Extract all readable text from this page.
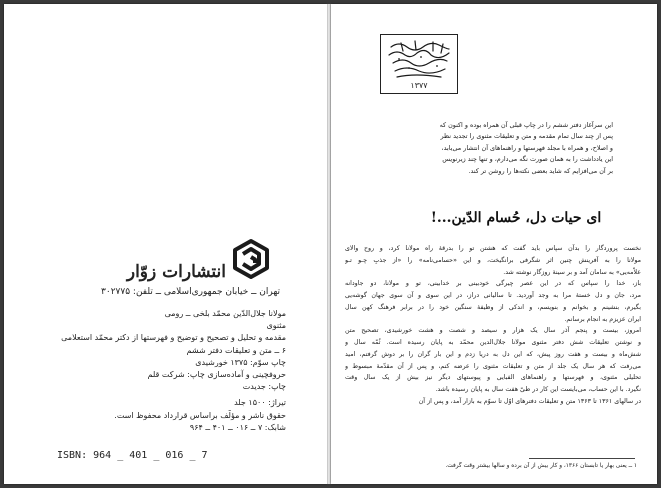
انتشارات زوّار
تهران ــ خیابان جمهوری‌اسلامی ــ تلفن: ۳۰۲۷۷۵
مولانا جلال‌الدّین محمّد بلخی ــ رومی
مثنوی
مقدمه و تحلیل و تصحیح و توضیح و فهرستها از دکتر محمّد استعلامی
۶ ــ متن و تعلیقات دفتر ششم
چاپ سوّم: ۱۳۷۵ خورشیدی
حروفچینی و آماده‌سازی چاپ: شرکت قلم
چاپ: جدیدت
تیراژ: ۱۵۰۰ جلد
حقوق ناشر و مؤلّف براساس قرارداد محفوظ است.
شابک: ۷ ــ ۰۱۶ ــ ۴۰۱ ــ ۹۶۴
ISBN: 964 _ 401 _ 016 _ 7
۱۳۷۷
این سرآغاز دفتر ششم را در چاپ قبلی آن همراه بوده و اکنون که
پس از چند سال تمام مقدمه و متن و تعلیقات مثنوی را تجدید نظر
و اصلاح، و همراه با مجلد فهرستها و راهنماهای آن انتشار می‌یابد،
این یادداشت را به همان صورت نگه می‌دارم، و تنها چند زیرنویس
بر آن می‌افزایم که شاید بعضی نکته‌ها را روشن تر کند.
ای حیات دل، حُسام الدّین...!
نخست پروردگار را بدآن سپاس باید گفت که هشتن تو را بدرقهٔ راه مولانا کرد، و روح والای
مولانا را به آفرینش چنین اثر شگرفی برانگیخت، و این «حسامی‌نامه» را «از جذبِ چـو تـو
علاّمه‌یی» به سامان آمد و بر سینهٔ روزگار نوشته شد.
باز، خدا را سپاس که در این عصر چیرگی خودبینی بر خدابینی، تو و مولانا، دو جاودانه
مرد، جان و دل خستهٔ مرا به وجد آوردید. تا سالیانی دراز، در این سوی و آن سوی جهان گوشه‌یی
بگیرم، بنشینم و بخوانم و بنویسم، و اندکی از وظیفهٔ سنگین خود را در برابر فرهنگ کهن سال
ایران عزیزم به انجام برسانم.
امروز، بیست و پنجم آذر سال یک هزار و سیصد و شصت و هشت خورشیدی، تصحیح متن
و نوشتن تعلیقات شش دفتر مثنوی مولانا جلال‌الدین محمّد به پایان رسیده است. ثُمّه سال و
شش‌ماه و بیست و هفت روز پیش، که این دل به دریا زدم و این بار گران را بر دوش گرفتم، امید
می‌رفت که هر سال یک جلد از متن و تعلیقات مثنوی را عرضه کنم، و پس از آن مقدّمهٔ مبسوط و
تحلیلی مثنوی، و فهرستها و راهنماهای الفبایی و پیوستهای دیگر نیز بیش از یک سال وقت
نگیرد. با این حساب، می‌بایست این کار در طیّ هفت سال به پایان رسیده باشد.
در سالهای ۱۳۶۱ تا ۱۳۶۳ متن و تعلیقات دفترهای اوّل تا سوّم به بازار آمد، و پس از آن
۱ ــ یعنی بهار یا تابستان ۱۳۶۶، و کار بیش از آن برده و سالها بیشتر وقت گرفت.
